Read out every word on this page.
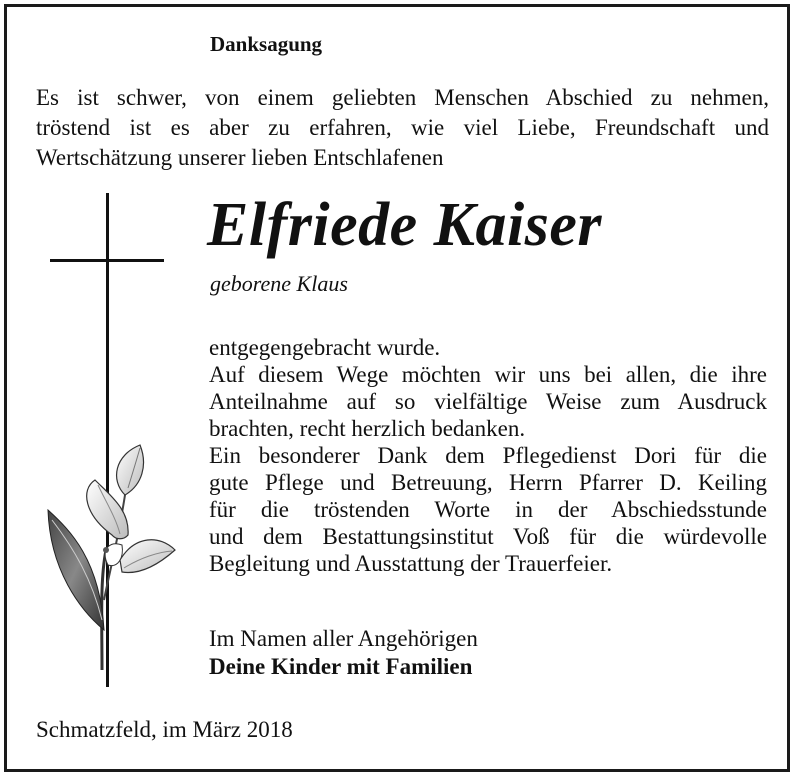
Danksagung
Es ist schwer, von einem geliebten Menschen Abschied zu nehmen,
tröstend ist es aber zu erfahren, wie viel Liebe, Freundschaft und
Wertschätzung unserer lieben Entschlafenen
Elfriede Kaiser
geborene Klaus
entgegengebracht wurde.
Auf diesem Wege möchten wir uns bei allen, die ihre
Anteilnahme auf so vielfältige Weise zum Ausdruck
brachten, recht herzlich bedanken.
Ein besonderer Dank dem Pflegedienst Dori für die
gute Pflege und Betreuung, Herrn Pfarrer D. Keiling
für die tröstenden Worte in der Abschiedsstunde
und dem Bestattungsinstitut Voß für die würdevolle
Begleitung und Ausstattung der Trauerfeier.
Im Namen aller Angehörigen
Deine Kinder mit Familien
Schmatzfeld, im März 2018
